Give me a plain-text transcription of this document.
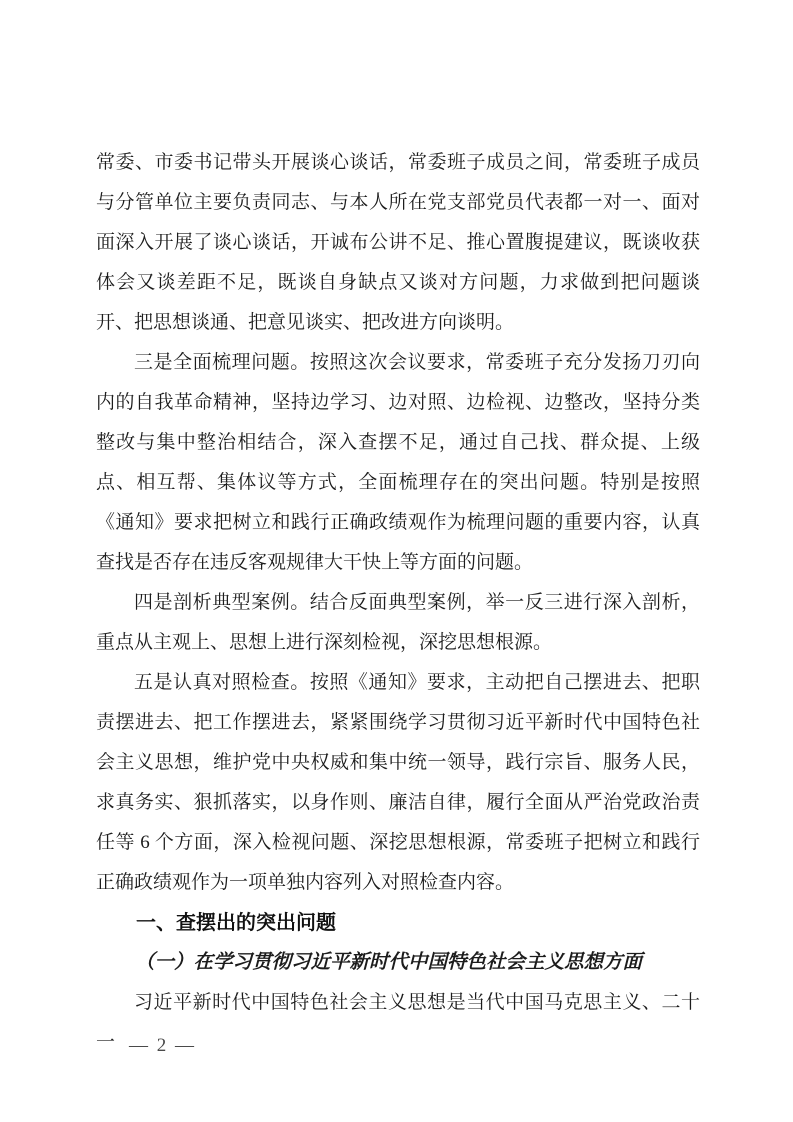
常委、市委书记带头开展谈心谈话，常委班子成员之间，常委班子成员与分管单位主要负责同志、与本人所在党支部党员代表都一对一、面对面深入开展了谈心谈话，开诚布公讲不足、推心置腹提建议，既谈收获体会又谈差距不足，既谈自身缺点又谈对方问题，力求做到把问题谈开、把思想谈通、把意见谈实、把改进方向谈明。

三是全面梳理问题。按照这次会议要求，常委班子充分发扬刀刃向内的自我革命精神，坚持边学习、边对照、边检视、边整改，坚持分类整改与集中整治相结合，深入查摆不足，通过自己找、群众提、上级点、相互帮、集体议等方式，全面梳理存在的突出问题。特别是按照《通知》要求把树立和践行正确政绩观作为梳理问题的重要内容，认真查找是否存在违反客观规律大干快上等方面的问题。

四是剖析典型案例。结合反面典型案例，举一反三进行深入剖析，重点从主观上、思想上进行深刻检视，深挖思想根源。

五是认真对照检查。按照《通知》要求，主动把自己摆进去、把职责摆进去、把工作摆进去，紧紧围绕学习贯彻习近平新时代中国特色社会主义思想，维护党中央权威和集中统一领导，践行宗旨、服务人民，求真务实、狠抓落实，以身作则、廉洁自律，履行全面从严治党政治责任等 6 个方面，深入检视问题、深挖思想根源，常委班子把树立和践行正确政绩观作为一项单独内容列入对照检查内容。

一、查摆出的突出问题
（一）在学习贯彻习近平新时代中国特色社会主义思想方面

习近平新时代中国特色社会主义思想是当代中国马克思主义、二十一 — 2 —
